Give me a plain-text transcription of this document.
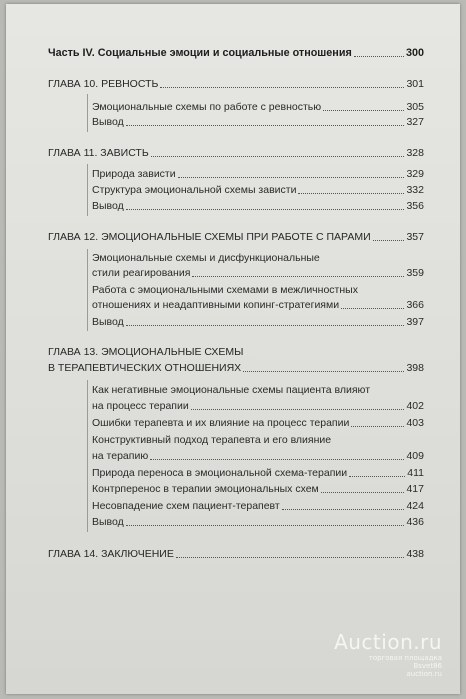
Часть IV. Социальные эмоции и социальные отношения	300
ГЛАВА 10. РЕВНОСТЬ	301
Эмоциональные схемы по работе с ревностью	305
Вывод	327
ГЛАВА 11. ЗАВИСТЬ	328
Природа зависти	329
Структура эмоциональной схемы зависти	332
Вывод	356
ГЛАВА 12. ЭМОЦИОНАЛЬНЫЕ СХЕМЫ ПРИ РАБОТЕ С ПАРАМИ	357
Эмоциональные схемы и дисфункциональные
стили реагирования	359
Работа с эмоциональными схемами в межличностных
отношениях и неадаптивными копинг-стратегиями	366
Вывод	397
ГЛАВА 13. ЭМОЦИОНАЛЬНЫЕ СХЕМЫ
В ТЕРАПЕВТИЧЕСКИХ ОТНОШЕНИЯХ	398
Как негативные эмоциональные схемы пациента влияют
на процесс терапии	402
Ошибки терапевта и их влияние на процесс терапии	403
Конструктивный подход терапевта и его влияние
на терапию	409
Природа переноса в эмоциональной схема-терапии	411
Контрперенос в терапии эмоциональных схем	417
Несовпадение схем пациент-терапевт	424
Вывод	436
ГЛАВА 14. ЗАКЛЮЧЕНИЕ	438
Auction.ru
торговая площадка
Bsvet86
auction.ru
